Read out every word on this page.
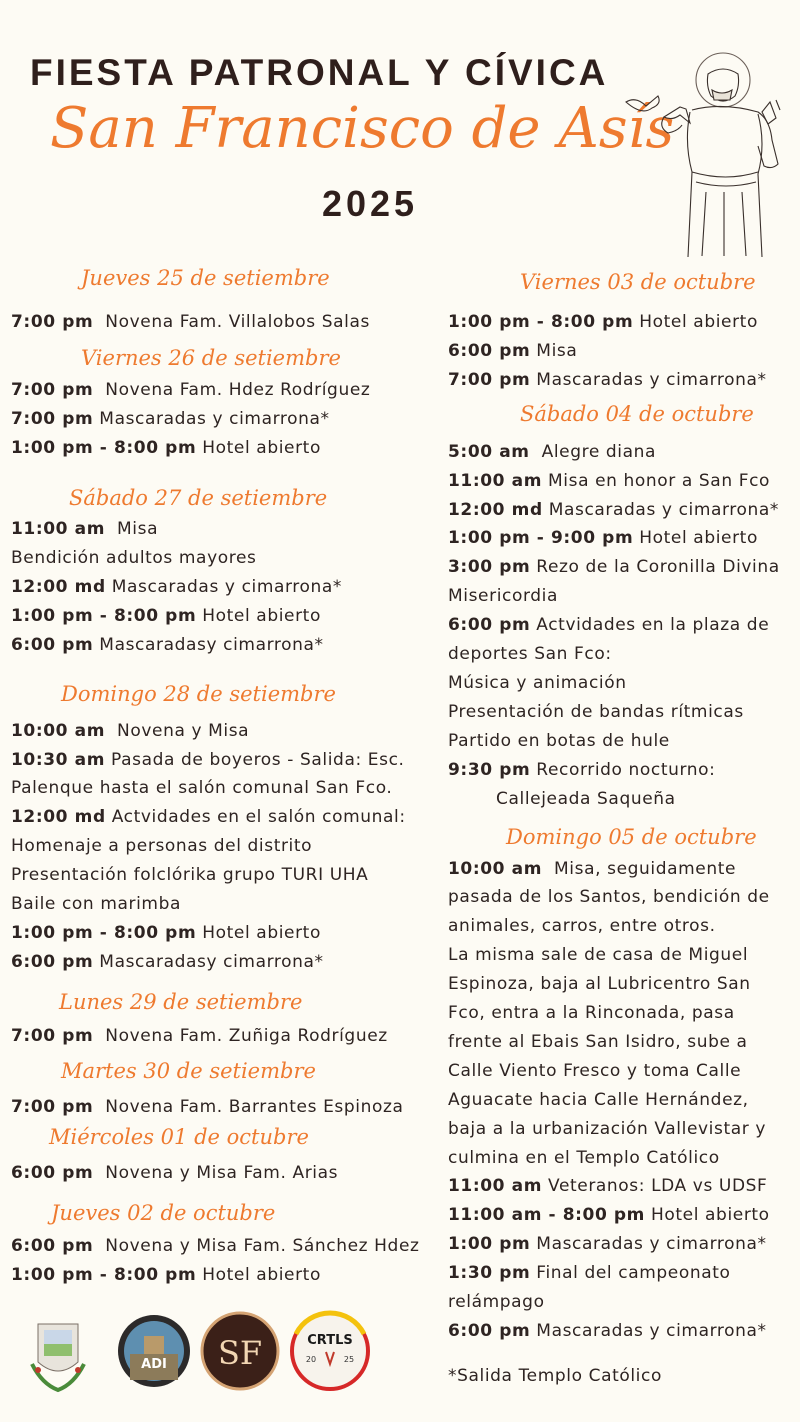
FIESTA PATRONAL Y CÍVICA
San Francisco de Asís
2025
Jueves 25 de setiembre
7:00 pm  Novena Fam. Villalobos Salas
Viernes 26 de setiembre
7:00 pm  Novena Fam. Hdez Rodríguez
7:00 pm Mascaradas y cimarrona*
1:00 pm - 8:00 pm Hotel abierto
Sábado 27 de setiembre
11:00 am  Misa
Bendición adultos mayores
12:00 md Mascaradas y cimarrona*
1:00 pm - 8:00 pm Hotel abierto
6:00 pm Mascaradasy cimarrona*
Domingo 28 de setiembre
10:00 am  Novena y Misa
10:30 am Pasada de boyeros - Salida: Esc.
Palenque hasta el salón comunal San Fco.
12:00 md Actvidades en el salón comunal:
Homenaje a personas del distrito
Presentación folclórika grupo TURI UHA
Baile con marimba
1:00 pm - 8:00 pm Hotel abierto
6:00 pm Mascaradasy cimarrona*
Lunes 29 de setiembre
7:00 pm  Novena Fam. Zuñiga Rodríguez
Martes 30 de setiembre
7:00 pm  Novena Fam. Barrantes Espinoza
Miércoles 01 de octubre
6:00 pm  Novena y Misa Fam. Arias
Jueves 02 de octubre
6:00 pm  Novena y Misa Fam. Sánchez Hdez
1:00 pm - 8:00 pm Hotel abierto
Viernes 03 de octubre
1:00 pm - 8:00 pm Hotel abierto
6:00 pm Misa
7:00 pm Mascaradas y cimarrona*
Sábado 04 de octubre
5:00 am  Alegre diana
11:00 am Misa en honor a San Fco
12:00 md Mascaradas y cimarrona*
1:00 pm - 9:00 pm Hotel abierto
3:00 pm Rezo de la Coronilla Divina
Misericordia
6:00 pm Actvidades en la plaza de
deportes San Fco:
Música y animación
Presentación de bandas rítmicas
Partido en botas de hule
9:30 pm Recorrido nocturno:
Callejeada Saqueña
Domingo 05 de octubre
10:00 am  Misa, seguidamente
pasada de los Santos, bendición de
animales, carros, entre otros.
La misma sale de casa de Miguel
Espinoza, baja al Lubricentro San
Fco, entra a la Rinconada, pasa
frente al Ebais San Isidro, sube a
Calle Viento Fresco y toma Calle
Aguacate hacia Calle Hernández,
baja a la urbanización Vallevistar y
culmina en el Templo Católico
11:00 am Veteranos: LDA vs UDSF
11:00 am - 8:00 pm Hotel abierto
1:00 pm Mascaradas y cimarrona*
1:30 pm Final del campeonato
relámpago
6:00 pm Mascaradas y cimarrona*
*Salida Templo Católico
ADI SF	CRTLS
20	25
